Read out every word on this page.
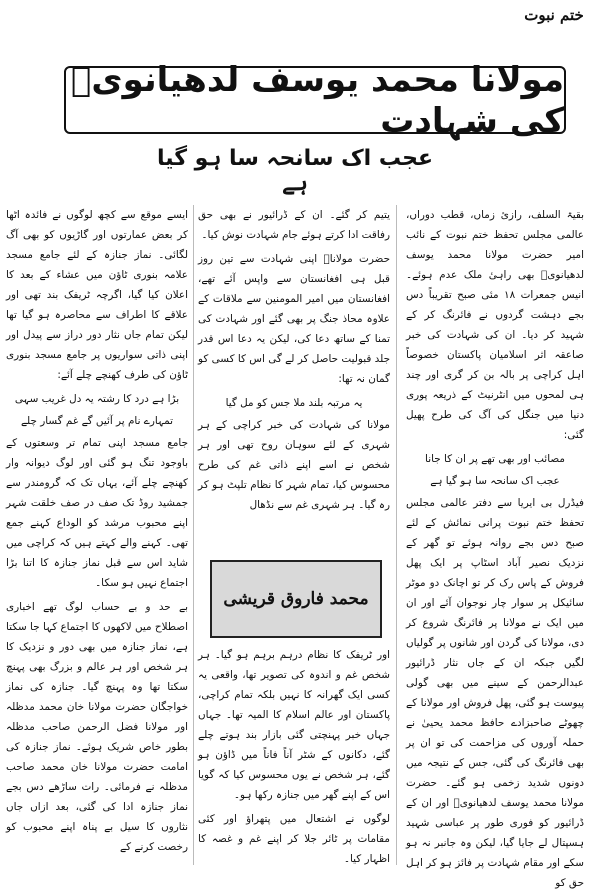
ختم نبوت
مولانا محمد یوسف لدھیانویؒ کی شہادت
عجب اک سانحہ سا ہو گیا ہے

بقیۃ السلف، رازیٔ زماں، قطب دوراں، عالمی مجلس تحفظ ختم نبوت کے نائب امیر حضرت مولانا محمد یوسف لدھیانویؒ بھی راہیٔ ملک عدم ہوئے۔ انیس جمعرات ۱۸ مئی صبح تقریباً دس بجے دہشت گردوں نے فائرنگ کر کے شہید کر دیا۔ ان کی شہادت کی خبر صاعقہ اثر اسلامیان پاکستان خصوصاً اہل کراچی پر بالہ بن کر گری اور چند ہی لمحوں میں انٹرنیٹ کے ذریعہ پوری دنیا میں جنگل کی آگ کی طرح پھیل گئی:

مصائب اور بھی تھے پر ان کا جانا

عجب اک سانحہ سا ہو گیا ہے

فیڈرل بی ایریا سے دفتر عالمی مجلس تحفظ ختم نبوت پرانی نمائش کے لئے صبح دس بجے روانہ ہوئے تو گھر کے نزدیک نصیر آباد اسٹاپ پر ایک پھل فروش کے پاس رک کر تو اچانک دو موٹر سائیکل پر سوار چار نوجوان آئے اور ان میں ایک نے مولانا پر فائرنگ شروع کر دی، مولانا کی گردن اور شانوں پر گولیاں لگیں جبکہ ان کے جاں نثار ڈرائیور عبدالرحمن کے سینے میں بھی گولی پیوست ہو گئی، پھل فروش اور مولانا کے چھوٹے صاحبزادے حافظ محمد یحییٰ نے حملہ آوروں کی مزاحمت کی تو ان پر بھی فائرنگ کی گئی، جس کے نتیجہ میں دونوں شدید زخمی ہو گئے۔ حضرت مولانا محمد یوسف لدھیانویؒ اور ان کے ڈرائیور کو فوری طور پر عباسی شہید ہسپتال لے جایا گیا، لیکن وہ جانبر نہ ہو سکے اور مقام شہادت پر فائز ہو کر اہل حق کو

یتیم کر گئے۔ ان کے ڈرائیور نے بھی حق رفاقت ادا کرتے ہوئے جام شہادت نوش کیا۔

حضرت مولاناؒ اپنی شہادت سے تین روز قبل ہی افغانستان سے واپس آئے تھے، افغانستان میں امیر المومنین سے ملاقات کے علاوہ محاذ جنگ پر بھی گئے اور شہادت کی تمنا کے ساتھ دعا کی، لیکن یہ دعا اس قدر جلد قبولیت حاصل کر لے گی اس کا کسی کو گمان نہ تھا:

یہ مرتبہ بلند ملا جس کو مل گیا

مولانا کی شہادت کی خبر کراچی کے ہر شہری کے لئے سوہان روح تھی اور ہر شخص نے اسے اپنے ذاتی غم کی طرح محسوس کیا، تمام شہر کا نظام تلپٹ ہو کر رہ گیا۔ ہر شہری غم سے نڈھال

محمد فاروق قریشی

اور ٹریفک کا نظام درہم برہم ہو گیا۔ ہر شخص غم و اندوہ کی تصویر تھا، واقعی یہ کسی ایک گھرانہ کا نہیں بلکہ تمام کراچی، پاکستان اور عالم اسلام کا المیہ تھا۔ جہاں جہاں خبر پہنچتی گئی بازار بند ہوتے چلے گئے، دکانوں کے شٹر آناً فاناً میں ڈاؤن ہو گئے، ہر شخص نے یوں محسوس کیا کہ گویا اس کے اپنے گھر میں جنازہ رکھا ہو۔

لوگوں نے اشتعال میں پتھراؤ اور کئی مقامات پر ٹائر جلا کر اپنے غم و غصہ کا اظہار کیا۔

ایسے موقع سے کچھ لوگوں نے فائدہ اٹھا کر بعض عمارتوں اور گاڑیوں کو بھی آگ لگائی۔ نماز جنازہ کے لئے جامع مسجد علامہ بنوری ٹاؤن میں عشاء کے بعد کا اعلان کیا گیا، اگرچہ ٹریفک بند تھی اور علاقے کا اطراف سے محاصرہ ہو گیا تھا لیکن تمام جاں نثار دور دراز سے پیدل اور اپنی ذاتی سواریوں پر جامع مسجد بنوری ٹاؤن کی طرف کھنچے چلے آئے:

بڑا ہے درد کا رشتہ یہ دل غریب سہی

تمہارے نام پر آئیں گے غم گسار چلے

جامع مسجد اپنی تمام تر وسعتوں کے باوجود تنگ ہو گئی اور لوگ دیوانہ وار کھنچے چلے آئے، یہاں تک کہ گرومندر سے جمشید روڈ تک صف در صف خلقت شہر اپنے محبوب مرشد کو الوداع کہنے جمع تھی۔ کہنے والے کہتے ہیں کہ کراچی میں شاید اس سے قبل نماز جنازہ کا اتنا بڑا اجتماع نہیں ہو سکا۔

بے حد و بے حساب لوگ تھے اخباری اصطلاح میں لاکھوں کا اجتماع کہا جا سکتا ہے، نماز جنازہ میں بھی دور و نزدیک کا ہر شخص اور ہر عالم و بزرگ بھی پہنچ سکتا تھا وہ پہنچ گیا۔ جنازہ کی نماز خواجگان حضرت مولانا خان محمد مدظلہ اور مولانا فضل الرحمن صاحب مدظلہ بطور خاص شریک ہوئے۔ نماز جنازہ کی امامت حضرت مولانا خان محمد صاحب مدظلہ نے فرمائی۔ رات ساڑھے دس بجے نماز جنازہ ادا کی گئی، بعد ازاں جاں نثاروں کا سیل بے پناہ اپنے محبوب کو رخصت کرنے کے
